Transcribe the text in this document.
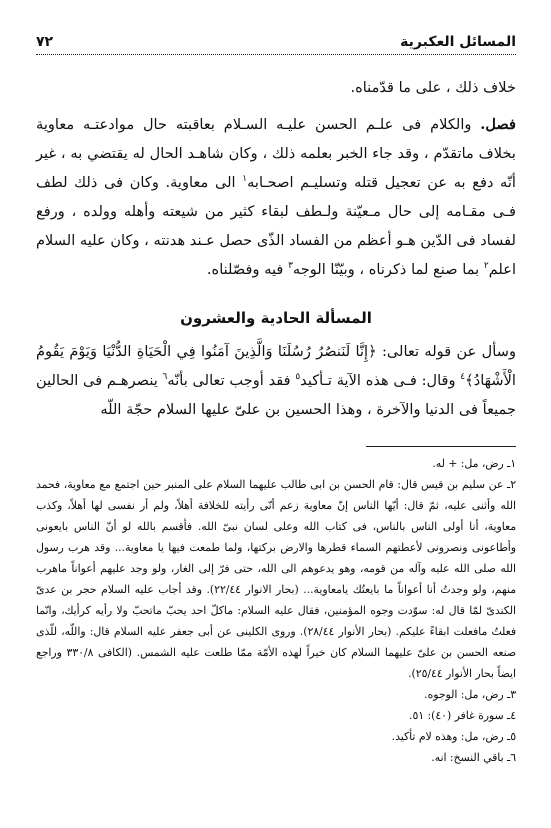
المسائل العكبرية
٧٢

خلاف ذلك ، على ما قدّمناه.

فصل. والكلام فى علـم الحسن عليـه السـلام بعاقبته حال موادعتـه معاوية بخلاف ماتقدّم ، وقد جاء الخبر بعلمه ذلك ، وكان شاهـد الحال له يقتضي به ، غير أنّه دفع به عن تعجيل قتله وتسليـم اصحـابه$^١$ الى معاوية. وكان فى ذلك لطف فـى مقـامه إلى حال مـعيّنة ولـطف لبقاء كثير من شيعته وأهله وولده ، ورفع لفساد فى الدّين هـو أعظم من الفساد الذّى حصل عـند هدنته ، وكان عليه السلام اعلم$^٢$ بما صنع لما ذكرناه ، وبيّنّا الوجه$^٣$ فيه وفصّلناه.

المسألة الحادية والعشرون

وسأل عن قوله تعالى: ﴿إِنَّا لَنَنصُرُ رُسُلَنَا وَالَّذِينَ آمَنُوا فِي الْحَيَاةِ الدُّنْيَا وَيَوْمَ يَقُومُ الْأَشْهَادُ﴾$^٤$ وقال: فـى هذه الآية تـأكيد$^٥$ فقد أوجب تعالى بأنّه$^٦$ ينصرهـم فى الحالين جميعاً فى الدنيا والآخرة ، وهذا الحسين بن علىّ عليها السلام حجّة اللّه

١ـ رض، مل: + له.

٢ـ عن سليم بن قيس قال: قام الحسن بن ابى طالب عليهما السلام على المنبر حين اجتمع مع معاوية، فحمد الله وأثنى عليه، ثمّ قال: أيّها الناس إنّ معاوية زعم أنّى رأيته للخلافة أهلاً، ولم أر نفسى لها أهلاً، وكذب معاوية، أنا أولى الناس بالناس، فى كتاب الله وعلى لسان نبىّ الله. فأقسم بالله لو أنّ الناس بايعونى وأطاعونى ونصرونى لأعطتهم السماء قطرها والارض بركتها، ولما طمعت فيها يا معاوية... وقد هرب رسول الله صلى الله عليه وآله من قومه، وهو يدعوهم الى الله، حتى فرّ إلى الغار، ولو وجد عليهم أعواناً ماهرب منهم، ولو وجدتُ أنا أعواناً ما بايعتُك يامعاوية... (بحار الانوار ٢٢/٤٤). وقد أجاب عليه السلام حجر بن عدىّ الكندىّ لمّا قال له: سوّدت وجوه المؤمنين، فقال عليه السلام: ماكلّ احد يحبّ ماتحبّ ولا رأيه كرأيك، وانّما فعلتُ مافعلت ابقاءً عليكم. (بحار الأنوار ٢٨/٤٤). وروى الكلينى عن أبى جعفر عليه السلام قال: واللّه، للّذى صنعه الحسن بن علىّ عليهما السلام كان خيراً لهذه الأمّة ممّا طلعت عليه الشمس. (الكافى ٣٣٠/٨ وراجع ايضاً بحار الأنوار ٢٥/٤٤).

٣ـ رض، مل: الوجوه.

٤ـ سورة غافر (٤٠): ٥١.

٥ـ رض، مل: وهذه لام تأكيد.

٦ـ باقي النسخ: انه.
